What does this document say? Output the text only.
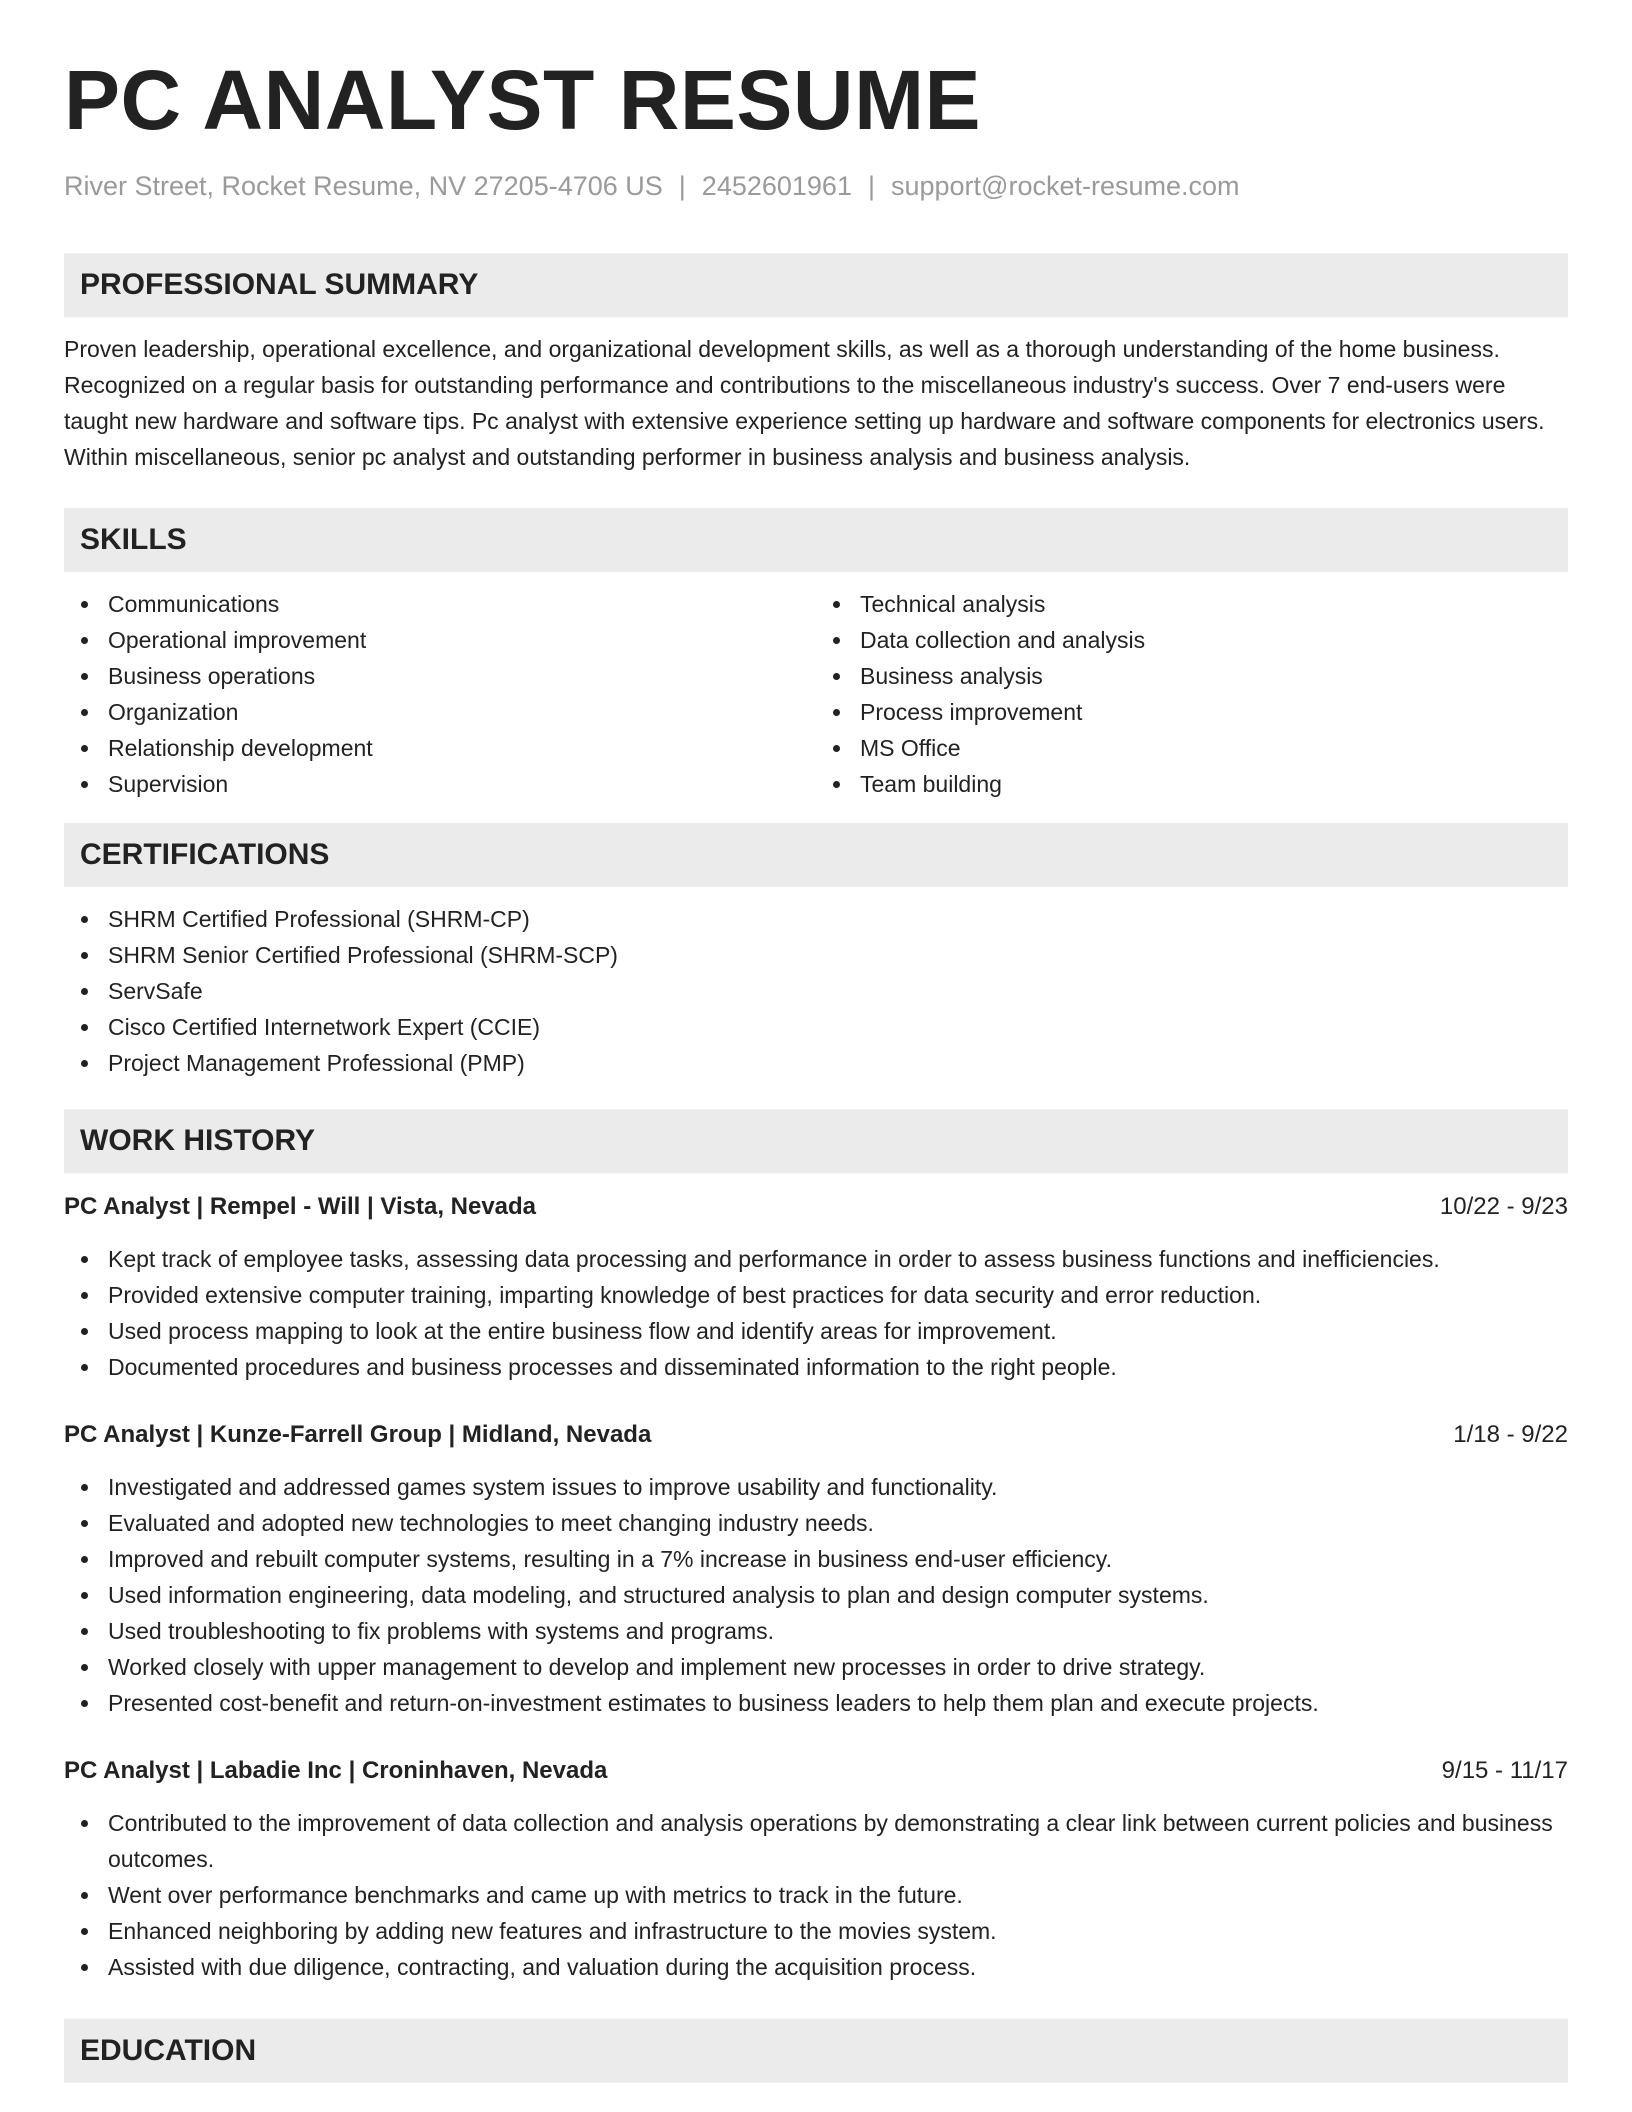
PC ANALYST RESUME
River Street, Rocket Resume, NV 27205-4706 US | 2452601961 | support@rocket-resume.com
PROFESSIONAL SUMMARY

Proven leadership, operational excellence, and organizational development skills, as well as a thorough understanding of the home business. Recognized on a regular basis for outstanding performance and contributions to the miscellaneous industry's success. Over 7 end-users were taught new hardware and software tips. Pc analyst with extensive experience setting up hardware and software components for electronics users. Within miscellaneous, senior pc analyst and outstanding performer in business analysis and business analysis.

SKILLS
Communications
Operational improvement
Business operations
Organization
Relationship development
Supervision
Technical analysis
Data collection and analysis
Business analysis
Process improvement
MS Office
Team building
CERTIFICATIONS
SHRM Certified Professional (SHRM-CP)
SHRM Senior Certified Professional (SHRM-SCP)
ServSafe
Cisco Certified Internetwork Expert (CCIE)
Project Management Professional (PMP)
WORK HISTORY
PC Analyst | Rempel - Will | Vista, Nevada	10/22 - 9/23
Kept track of employee tasks, assessing data processing and performance in order to assess business functions and inefficiencies.
Provided extensive computer training, imparting knowledge of best practices for data security and error reduction.
Used process mapping to look at the entire business flow and identify areas for improvement.
Documented procedures and business processes and disseminated information to the right people.
PC Analyst | Kunze-Farrell Group | Midland, Nevada	1/18 - 9/22
Investigated and addressed games system issues to improve usability and functionality.
Evaluated and adopted new technologies to meet changing industry needs.
Improved and rebuilt computer systems, resulting in a 7% increase in business end-user efficiency.
Used information engineering, data modeling, and structured analysis to plan and design computer systems.
Used troubleshooting to fix problems with systems and programs.
Worked closely with upper management to develop and implement new processes in order to drive strategy.
Presented cost-benefit and return-on-investment estimates to business leaders to help them plan and execute projects.
PC Analyst | Labadie Inc | Croninhaven, Nevada	9/15 - 11/17
Contributed to the improvement of data collection and analysis operations by demonstrating a clear link between current policies and business outcomes.
Went over performance benchmarks and came up with metrics to track in the future.
Enhanced neighboring by adding new features and infrastructure to the movies system.
Assisted with due diligence, contracting, and valuation during the acquisition process.
EDUCATION
